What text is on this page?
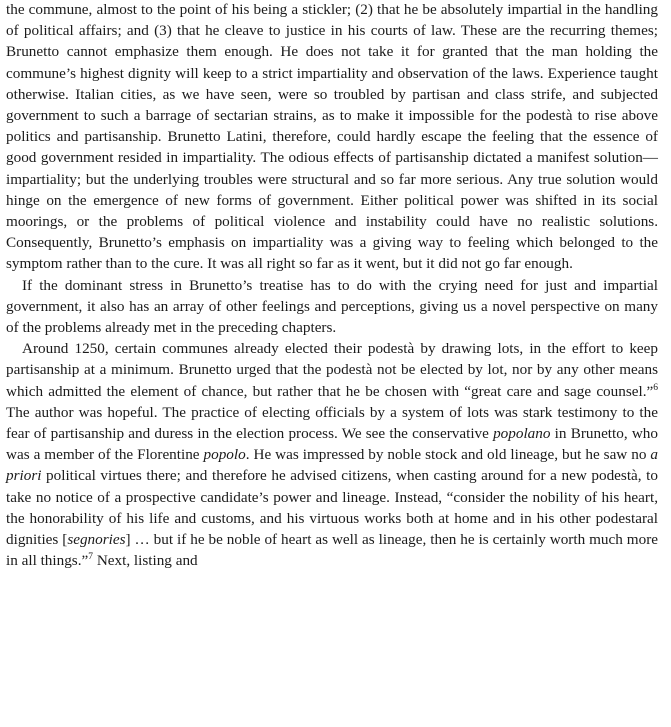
the commune, almost to the point of his being a stickler; (2) that he be absolutely impartial in the handling of political affairs; and (3) that he cleave to justice in his courts of law. These are the recurring themes; Brunetto cannot emphasize them enough. He does not take it for granted that the man holding the commune’s highest dignity will keep to a strict impartiality and observation of the laws. Experience taught otherwise. Italian cities, as we have seen, were so troubled by partisan and class strife, and subjected government to such a barrage of sectarian strains, as to make it impossible for the podestà to rise above politics and partisanship. Brunetto Latini, therefore, could hardly escape the feeling that the essence of good government resided in impartiality. The odious effects of partisanship dictated a manifest solution—impartiality; but the underlying troubles were structural and so far more serious. Any true solution would hinge on the emergence of new forms of government. Either political power was shifted in its social moorings, or the problems of political violence and instability could have no realistic solutions. Consequently, Brunetto’s emphasis on impartiality was a giving way to feeling which belonged to the symptom rather than to the cure. It was all right so far as it went, but it did not go far enough.

If the dominant stress in Brunetto’s treatise has to do with the crying need for just and impartial government, it also has an array of other feelings and perceptions, giving us a novel perspective on many of the problems already met in the preceding chapters.

Around 1250, certain communes already elected their podestà by drawing lots, in the effort to keep partisanship at a minimum. Brunetto urged that the podestà not be elected by lot, nor by any other means which admitted the element of chance, but rather that he be chosen with “great care and sage counsel.”$^6$ The author was hopeful. The practice of electing officials by a system of lots was stark testimony to the fear of partisanship and duress in the election process. We see the conservative popolano in Brunetto, who was a member of the Florentine popolo. He was impressed by noble stock and old lineage, but he saw no a priori political virtues there; and therefore he advised citizens, when casting around for a new podestà, to take no notice of a prospective candidate’s power and lineage. Instead, “consider the nobility of his heart, the honorability of his life and customs, and his virtuous works both at home and in his other podestaral dignities [segnories] … but if he be noble of heart as well as lineage, then he is certainly worth much more in all things.”$^7$ Next, listing and
